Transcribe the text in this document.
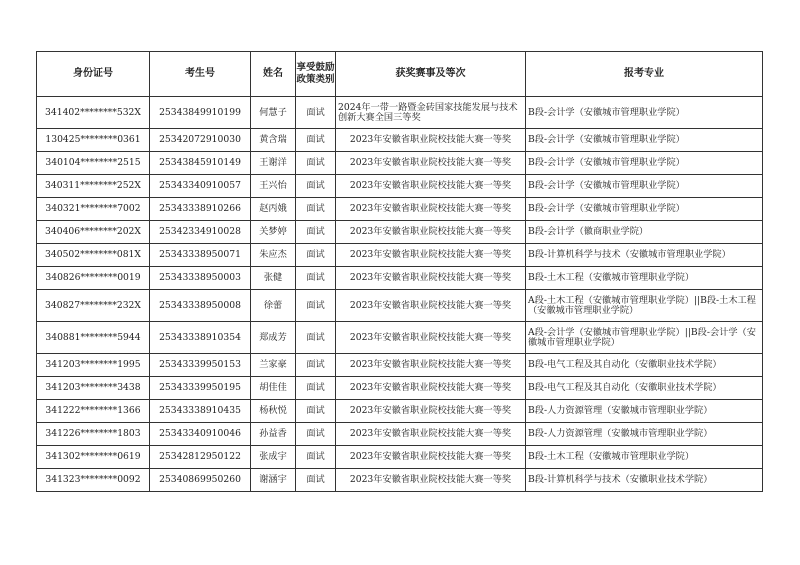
身份证号	考生号	姓名	享受鼓励政策类别	获奖赛事及等次	报考专业
341402********532X	25343849910199	何慧子	面试	2024年一带一路暨金砖国家技能发展与技术创新大赛全国三等奖	B段-会计学（安徽城市管理职业学院）
130425********0361	25342072910030	黄含瑞	面试	2023年安徽省职业院校技能大赛一等奖	B段-会计学（安徽城市管理职业学院）
340104********2515	25343845910149	王谢洋	面试	2023年安徽省职业院校技能大赛一等奖	B段-会计学（安徽城市管理职业学院）
340311********252X	25343340910057	王兴怡	面试	2023年安徽省职业院校技能大赛一等奖	B段-会计学（安徽城市管理职业学院）
340321********7002	25343338910266	赵丙娥	面试	2023年安徽省职业院校技能大赛一等奖	B段-会计学（安徽城市管理职业学院）
340406********202X	25342334910028	关梦婷	面试	2023年安徽省职业院校技能大赛一等奖	B段-会计学（徽商职业学院）
340502********081X	25343338950071	朱应杰	面试	2023年安徽省职业院校技能大赛一等奖	B段-计算机科学与技术（安徽城市管理职业学院）
340826********0019	25343338950003	张健	面试	2023年安徽省职业院校技能大赛一等奖	B段-土木工程（安徽城市管理职业学院）
340827********232X	25343338950008	徐蕾	面试	2023年安徽省职业院校技能大赛一等奖	A段-土木工程（安徽城市管理职业学院）||B段-土木工程（安徽城市管理职业学院）
340881********5944	25343338910354	郑成芳	面试	2023年安徽省职业院校技能大赛一等奖	A段-会计学（安徽城市管理职业学院）||B段-会计学（安徽城市管理职业学院）
341203********1995	25343339950153	兰家豪	面试	2023年安徽省职业院校技能大赛一等奖	B段-电气工程及其自动化（安徽职业技术学院）
341203********3438	25343339950195	胡佳佳	面试	2023年安徽省职业院校技能大赛一等奖	B段-电气工程及其自动化（安徽职业技术学院）
341222********1366	25343338910435	杨秋悦	面试	2023年安徽省职业院校技能大赛一等奖	B段-人力资源管理（安徽城市管理职业学院）
341226********1803	25343340910046	孙益香	面试	2023年安徽省职业院校技能大赛一等奖	B段-人力资源管理（安徽城市管理职业学院）
341302********0619	25342812950122	张成宇	面试	2023年安徽省职业院校技能大赛一等奖	B段-土木工程（安徽城市管理职业学院）
341323********0092	25340869950260	谢涵宇	面试	2023年安徽省职业院校技能大赛一等奖	B段-计算机科学与技术（安徽职业技术学院）
